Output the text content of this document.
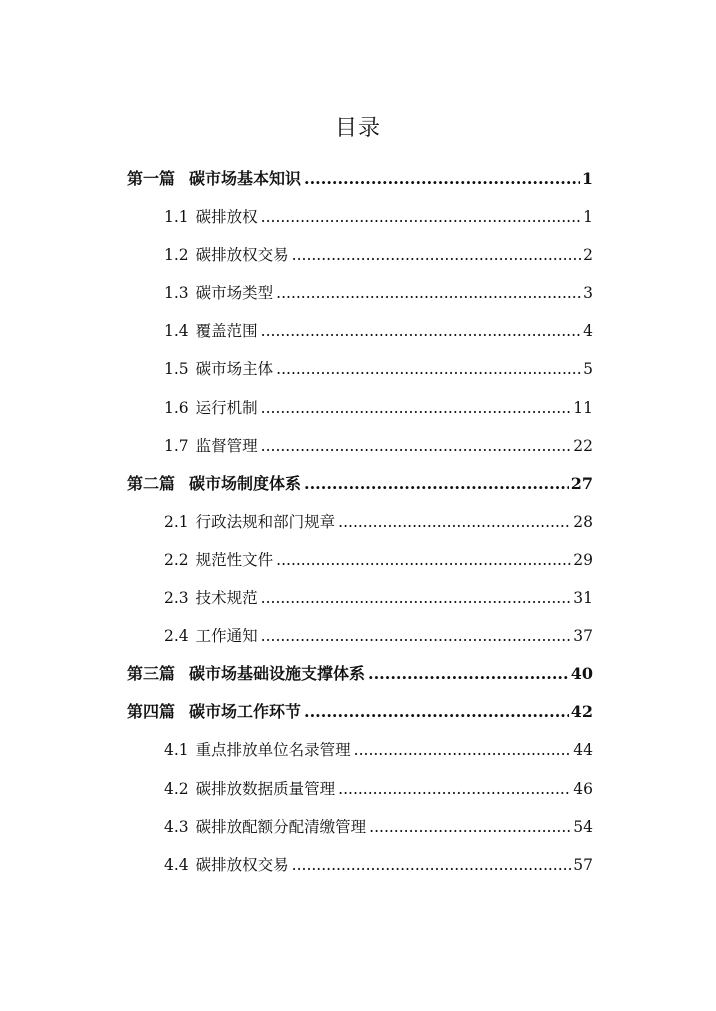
目录
第一篇 碳市场基本知识 .....	1
1.1 碳排放权 .....	1
1.2 碳排放权交易 .....	2
1.3 碳市场类型 .....	3
1.4 覆盖范围 .....	4
1.5 碳市场主体 .....	5
1.6 运行机制 .....	11
1.7 监督管理 .....	22
第二篇 碳市场制度体系 .....	27
2.1 行政法规和部门规章 .....	28
2.2 规范性文件 .....	29
2.3 技术规范 .....	31
2.4 工作通知 .....	37
第三篇 碳市场基础设施支撑体系 .....	40
第四篇 碳市场工作环节 .....	42
4.1 重点排放单位名录管理 .....	44
4.2 碳排放数据质量管理 .....	46
4.3 碳排放配额分配清缴管理 .....	54
4.4 碳排放权交易 .....	57
